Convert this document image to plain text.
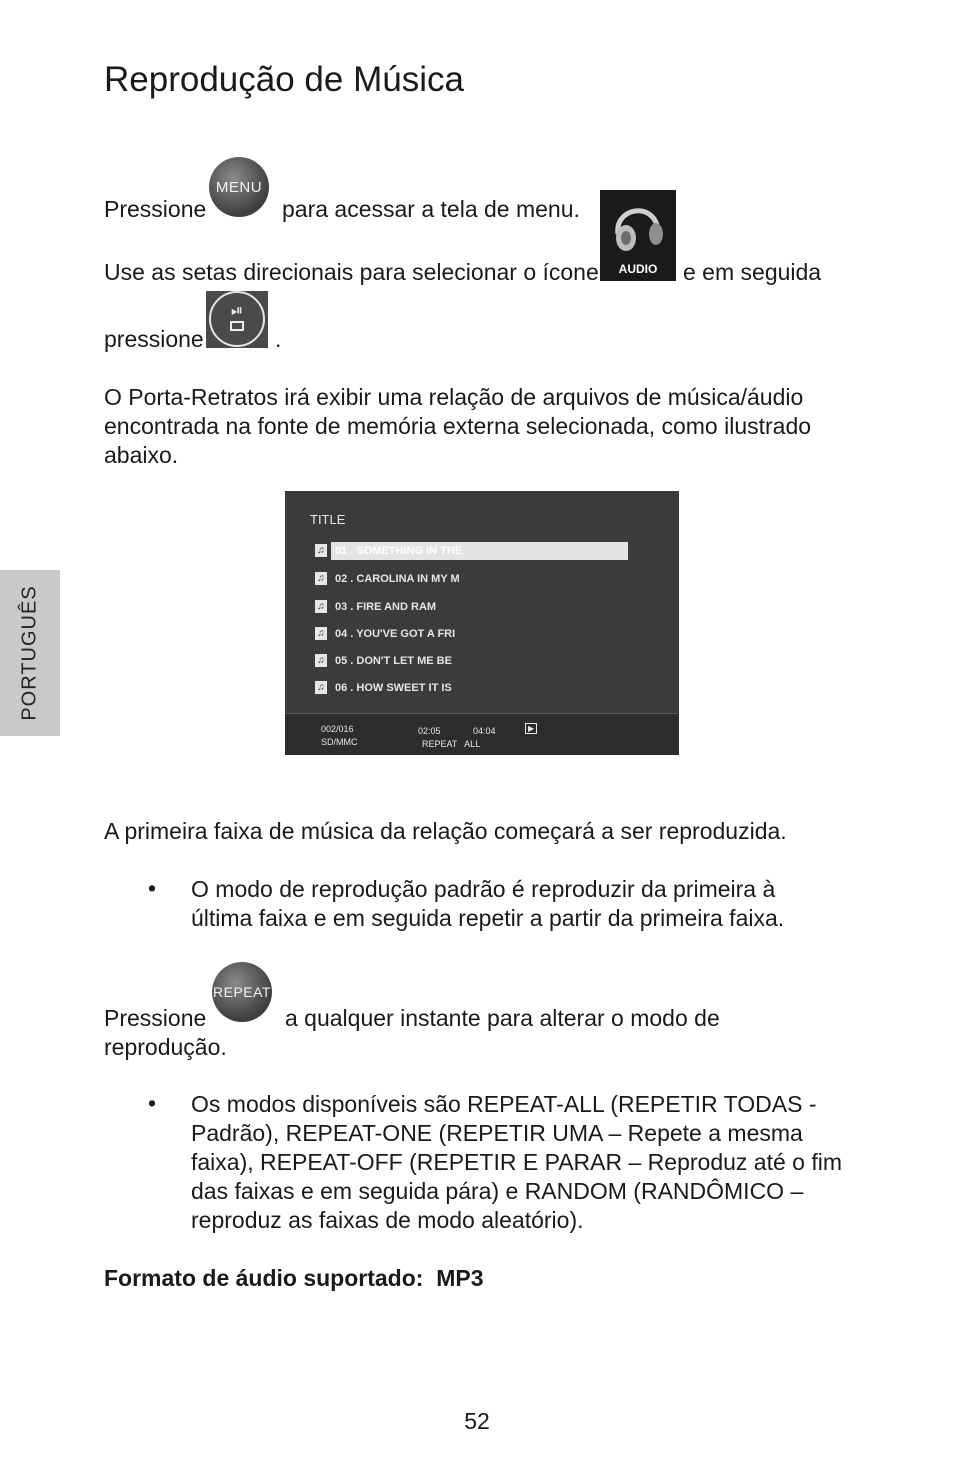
Reprodução de Música
PORTUGUÊS
Pressione
MENU
para acessar a tela de menu.
AUDIO
Use as setas direcionais para selecionar o ícone	e em seguida
pressione
⏯
.
O Porta-Retratos irá exibir uma relação de arquivos de música/áudio encontrada na fonte de memória externa selecionada, como ilustrado abaixo.
TITLE
♫ 01 . SOMETHING IN THE
♫ 02 . CAROLINA IN MY M
♫ 03 . FIRE AND RAM
♫ 04 . YOU'VE GOT A FRI
♫ 05 . DON'T LET ME BE
♫ 06 . HOW SWEET IT IS
002/016
SD/MMC
02:05	04:04
REPEAT   ALL
▶
A primeira faixa de música da relação começará a ser reproduzida.
• O modo de reprodução padrão é reproduzir da primeira à última faixa e em seguida repetir a partir da primeira faixa.
Pressione
REPEAT
a qualquer instante para alterar o modo de
reprodução.
• Os modos disponíveis são REPEAT-ALL (REPETIR TODAS - Padrão), REPEAT-ONE (REPETIR UMA – Repete a mesma faixa), REPEAT-OFF (REPETIR E PARAR – Reproduz até o fim das faixas e em seguida pára) e RANDOM (RANDÔMICO – reproduz as faixas de modo aleatório).
Formato de áudio suportado:  MP3
52
